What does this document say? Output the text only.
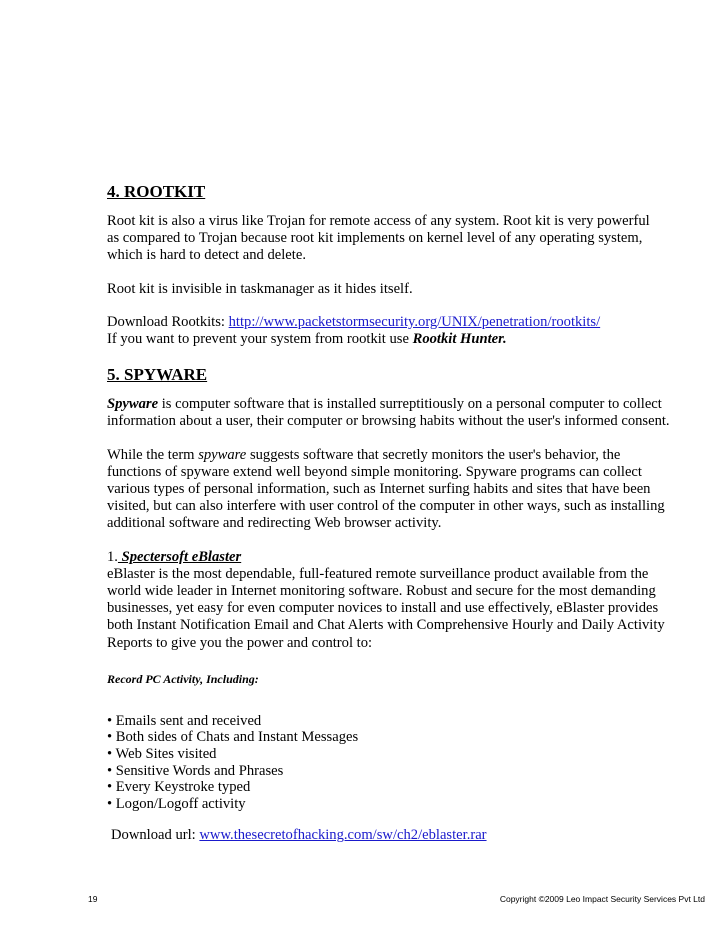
4. ROOTKIT

Root kit is also a virus like Trojan for remote access of any system. Root kit is very powerful
as compared to Trojan because root kit implements on kernel level of any operating system,
which is hard to detect and delete.

Root kit is invisible in taskmanager as it hides itself.

Download Rootkits: http://www.packetstormsecurity.org/UNIX/penetration/rootkits/
If you want to prevent your system from rootkit use Rootkit Hunter.

5. SPYWARE

Spyware is computer software that is installed surreptitiously on a personal computer to collect
information about a user, their computer or browsing habits without the user's informed consent.

While the term spyware suggests software that secretly monitors the user's behavior, the
functions of spyware extend well beyond simple monitoring. Spyware programs can collect
various types of personal information, such as Internet surfing habits and sites that have been
visited, but can also interfere with user control of the computer in other ways, such as installing
additional software and redirecting Web browser activity.

1. Spectersoft eBlaster
eBlaster is the most dependable, full-featured remote surveillance product available from the
world wide leader in Internet monitoring software. Robust and secure for the most demanding
businesses, yet easy for even computer novices to install and use effectively, eBlaster provides
both Instant Notification Email and Chat Alerts with Comprehensive Hourly and Daily Activity
Reports to give you the power and control to:

Record PC Activity, Including:

• Emails sent and received
• Both sides of Chats and Instant Messages
• Web Sites visited
• Sensitive Words and Phrases
• Every Keystroke typed
• Logon/Logoff activity

Download url: www.thesecretofhacking.com/sw/ch2/eblaster.rar

19	Copyright ©2009 Leo Impact Security Services Pvt Ltd
